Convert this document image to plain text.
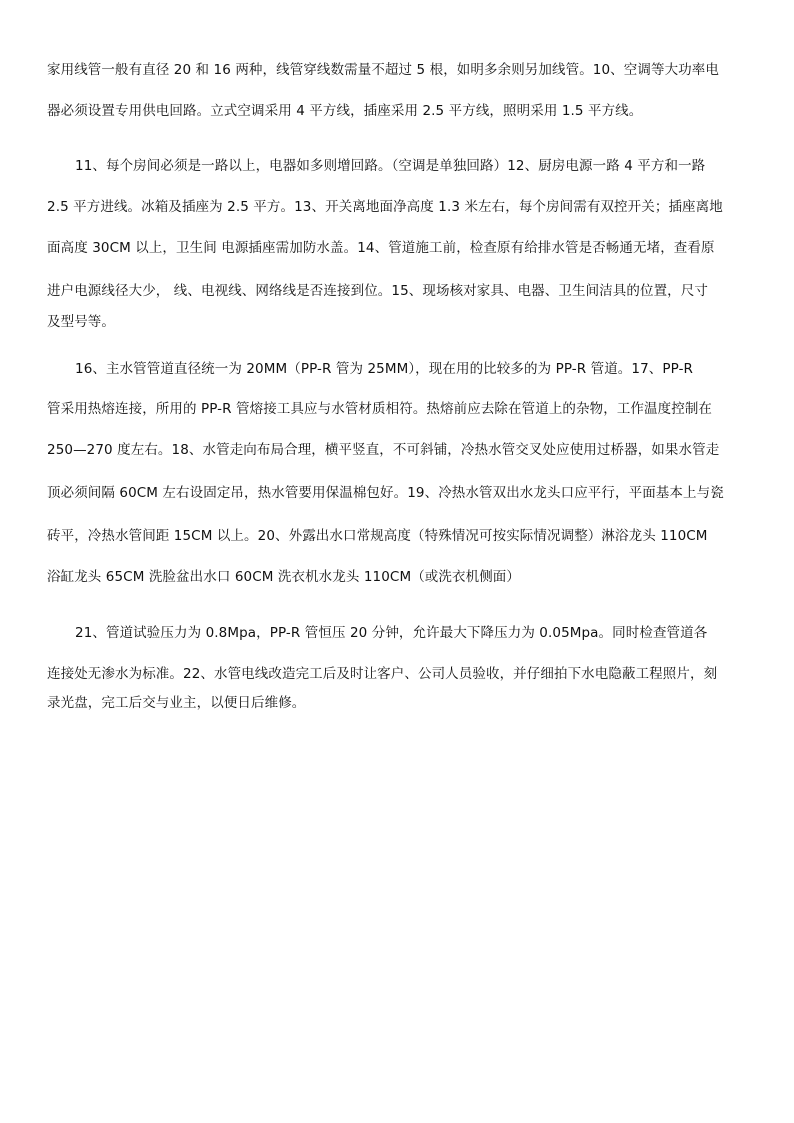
家用线管一般有直径 20 和 16 两种，线管穿线数需量不超过 5 根，如明多余则另加线管。10、空调等大功率电
器必须设置专用供电回路。立式空调采用 4 平方线，插座采用 2.5 平方线，照明采用 1.5 平方线。
11、每个房间必须是一路以上，电器如多则增回路。（空调是单独回路）12、厨房电源一路 4 平方和一路
2.5 平方进线。冰箱及插座为 2.5 平方。13、开关离地面净高度 1.3 米左右，每个房间需有双控开关；插座离地
面高度 30CM 以上，卫生间 电源插座需加防水盖。14、管道施工前，检查原有给排水管是否畅通无堵，查看原
进户电源线径大少， 线、电视线、网络线是否连接到位。15、现场核对家具、电器、卫生间洁具的位置，尺寸
及型号等。
16、主水管管道直径统一为 20MM（PP-R 管为 25MM），现在用的比较多的为 PP-R 管道。17、PP-R
管采用热熔连接，所用的 PP-R 管熔接工具应与水管材质相符。热熔前应去除在管道上的杂物，工作温度控制在
250—270 度左右。18、水管走向布局合理，横平竖直，不可斜铺，冷热水管交叉处应使用过桥器，如果水管走
顶必须间隔 60CM 左右设固定吊，热水管要用保温棉包好。19、冷热水管双出水龙头口应平行，平面基本上与瓷
砖平，冷热水管间距 15CM 以上。20、外露出水口常规高度（特殊情况可按实际情况调整）淋浴龙头 110CM
浴缸龙头 65CM 洗脸盆出水口 60CM 洗衣机水龙头 110CM（或洗衣机侧面）
21、管道试验压力为 0.8Mpa，PP-R 管恒压 20 分钟，允许最大下降压力为 0.05Mpa。同时检查管道各
连接处无渗水为标准。22、水管电线改造完工后及时让客户、公司人员验收，并仔细拍下水电隐蔽工程照片，刻
录光盘，完工后交与业主，以便日后维修。
